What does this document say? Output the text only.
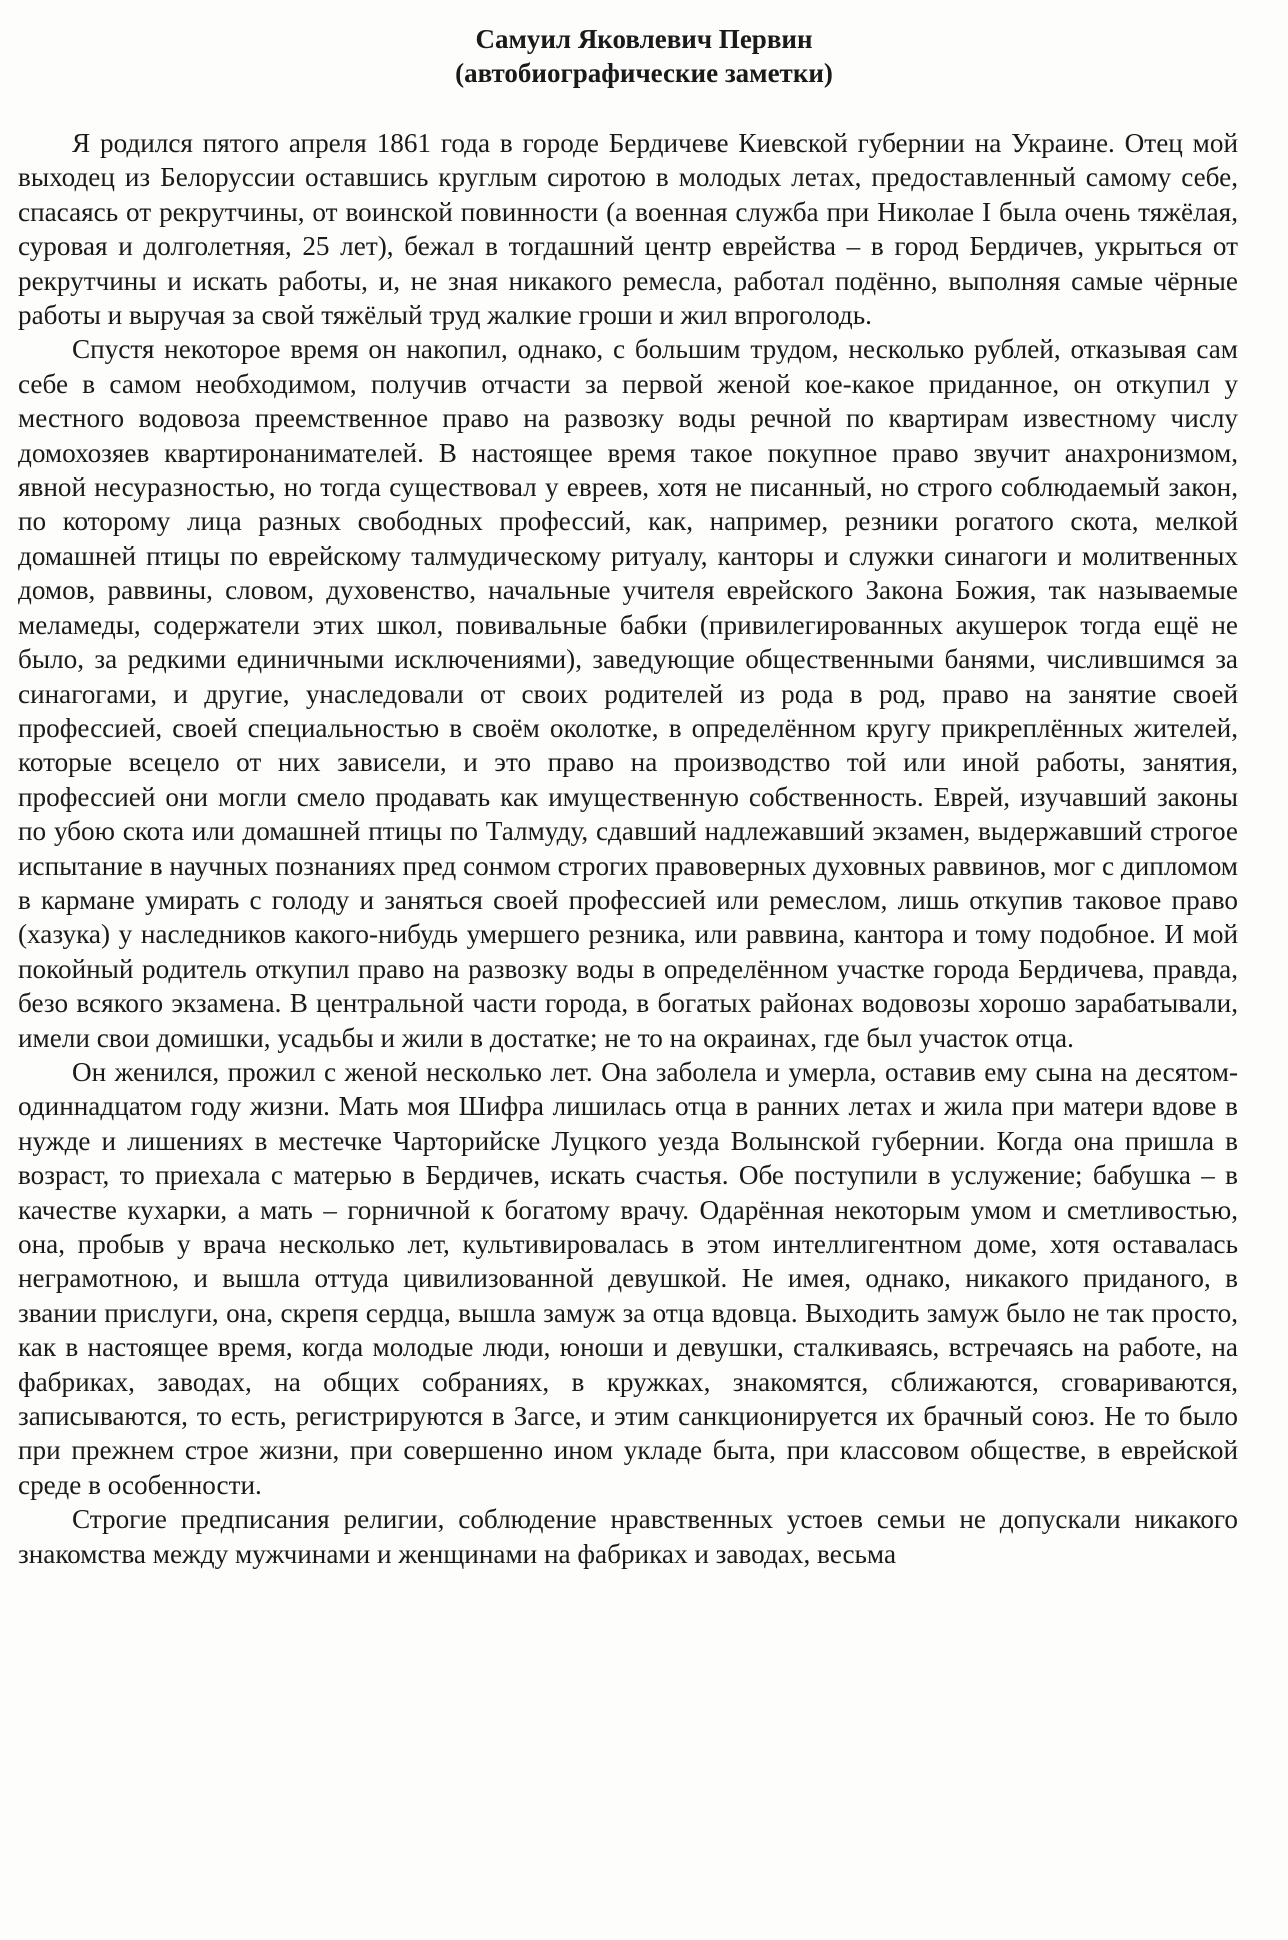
Самуил Яковлевич Первин
(автобиографические заметки)

Я родился пятого апреля 1861 года в городе Бердичеве Киевской губернии на Украине. Отец мой выходец из Белоруссии оставшись круглым сиротою в молодых летах, предоставленный самому себе, спасаясь от рекрутчины, от воинской повинности (а военная служба при Николае I была очень тяжёлая, суровая и долголетняя, 25 лет), бежал в тогдашний центр еврейства – в город Бердичев, укрыться от рекрутчины и искать работы, и, не зная никакого ремесла, работал подённо, выполняя самые чёрные работы и выручая за свой тяжёлый труд жалкие гроши и жил впроголодь.

Спустя некоторое время он накопил, однако, с большим трудом, несколько рублей, отказывая сам себе в самом необходимом, получив отчасти за первой женой кое-какое приданное, он откупил у местного водовоза преемственное право на развозку воды речной по квартирам известному числу домохозяев квартиронанимателей. В настоящее время такое покупное право звучит анахронизмом, явной несуразностью, но тогда существовал у евреев, хотя не писанный, но строго соблюдаемый закон, по которому лица разных свободных профессий, как, например, резники рогатого скота, мелкой домашней птицы по еврейскому талмудическому ритуалу, канторы и служки синагоги и молитвенных домов, раввины, словом, духовенство, начальные учителя еврейского Закона Божия, так называемые меламеды, содержатели этих школ, повивальные бабки (привилегированных акушерок тогда ещё не было, за редкими единичными исключениями), заведующие общественными банями, числившимся за синагогами, и другие, унаследовали от своих родителей из рода в род, право на занятие своей профессией, своей специальностью в своём околотке, в определённом кругу прикреплённых жителей, которые всецело от них зависели, и это право на производство той или иной работы, занятия, профессией они могли смело продавать как имущественную собственность. Еврей, изучавший законы по убою скота или домашней птицы по Талмуду, сдавший надлежавший экзамен, выдержавший строгое испытание в научных познаниях пред сонмом строгих правоверных духовных раввинов, мог с дипломом в кармане умирать с голоду и заняться своей профессией или ремеслом, лишь откупив таковое право (хазука) у наследников какого-нибудь умершего резника, или раввина, кантора и тому подобное. И мой покойный родитель откупил право на развозку воды в определённом участке города Бердичева, правда, безо всякого экзамена. В центральной части города, в богатых районах водовозы хорошо зарабатывали, имели свои домишки, усадьбы и жили в достатке; не то на окраинах, где был участок отца.

Он женился, прожил с женой несколько лет. Она заболела и умерла, оставив ему сына на десятом-одиннадцатом году жизни. Мать моя Шифра лишилась отца в ранних летах и жила при матери вдове в нужде и лишениях в местечке Чарторийске Луцкого уезда Волынской губернии. Когда она пришла в возраст, то приехала с матерью в Бердичев, искать счастья. Обе поступили в услужение; бабушка – в качестве кухарки, а мать – горничной к богатому врачу. Одарённая некоторым умом и сметливостью, она, пробыв у врача несколько лет, культивировалась в этом интеллигентном доме, хотя оставалась неграмотною, и вышла оттуда цивилизованной девушкой. Не имея, однако, никакого приданого, в звании прислуги, она, скрепя сердца, вышла замуж за отца вдовца. Выходить замуж было не так просто, как в настоящее время, когда молодые люди, юноши и девушки, сталкиваясь, встречаясь на работе, на фабриках, заводах, на общих собраниях, в кружках, знакомятся, сближаются, сговариваются, записываются, то есть, регистрируются в Загсе, и этим санкционируется их брачный союз. Не то было при прежнем строе жизни, при совершенно ином укладе быта, при классовом обществе, в еврейской среде в особенности.

Строгие предписания религии, соблюдение нравственных устоев семьи не допускали никакого знакомства между мужчинами и женщинами на фабриках и заводах, весьма
